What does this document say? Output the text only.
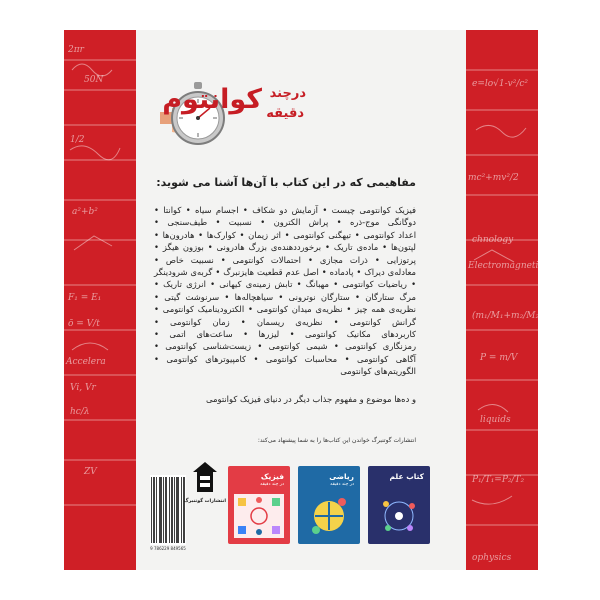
2πr
50N
1/2
a²+b²
F₁ = E₁
ō = V/t
Accelera
Vi, Vr
hc/λ
e=lo√1-v²/c²
mc²+mv²/2
chnology
Electromagnetism
(m₁/M₁+m₂/M₂)
P = m/V
liquids
P₁/T₁=P₂/T₂
ophysics
ZV
کوانتوم درچند
دقیقه
مفاهیمی که در این کتاب با آن‌ها آشنا می شوید:
فیزیک کوانتومی چیست • آزمایش دو شکاف • اجسام سیاه • کوانتا • دوگانگی موج‌-ذره • پراش الکترون • نسبیت • طیف‌سنجی • اعداد کوانتومی • تیهگنی کوانتومی • اثر زیمان • کوارک‌ها • هادرون‌ها • لپتون‌ها • ماده‌ی تاریک • برخورددهنده‌ی بزرگ هادرونی • بوزون هیگز • پرتوزایی • ذرات مجازی • احتمالات کوانتومی • نسبیت خاص • معادله‌ی دیراک • پادماده • اصل عدم قطعیت هایزنبرگ • گربه‌ی شرودینگر • ریاضیات کوانتومی • مهبانگ • تابش زمینه‌ی کیهانی • انرژی تاریک • مرگ ستارگان • ستارگان نوترونی • سیاهچاله‌ها • سرنوشت گیتی • نظریه‌ی همه چیز • نظریه‌ی میدان کوانتومی • الکترودینامیک کوانتومی • گرانش کوانتومی • نظریه‌ی ریسمان • زمان کوانتومی • کاربردهای مکانیک کوانتومی • لیزرها • ساعت‌های اتمی • رمزنگاری کوانتومی • شیمی کوانتومی • زیست‌شناسی کوانتومی • آگاهی کوانتومی • محاسبات کوانتومی • کامپیوترهای کوانتومی • الگوریتم‌های کوانتومی
و ده‌ها موضوع و مفهوم جذاب دیگر در دنیای فیزیک کوانتومی
انتشارات گوتنبرگ خواندن این کتاب‌ها را به شما پیشنهاد می‌کند:
9 786229 849565
انتشارات گوتنبرگ
کتاب علم
ریاضی
در چند دقیقه
فیزیک
در چند دقیقه
